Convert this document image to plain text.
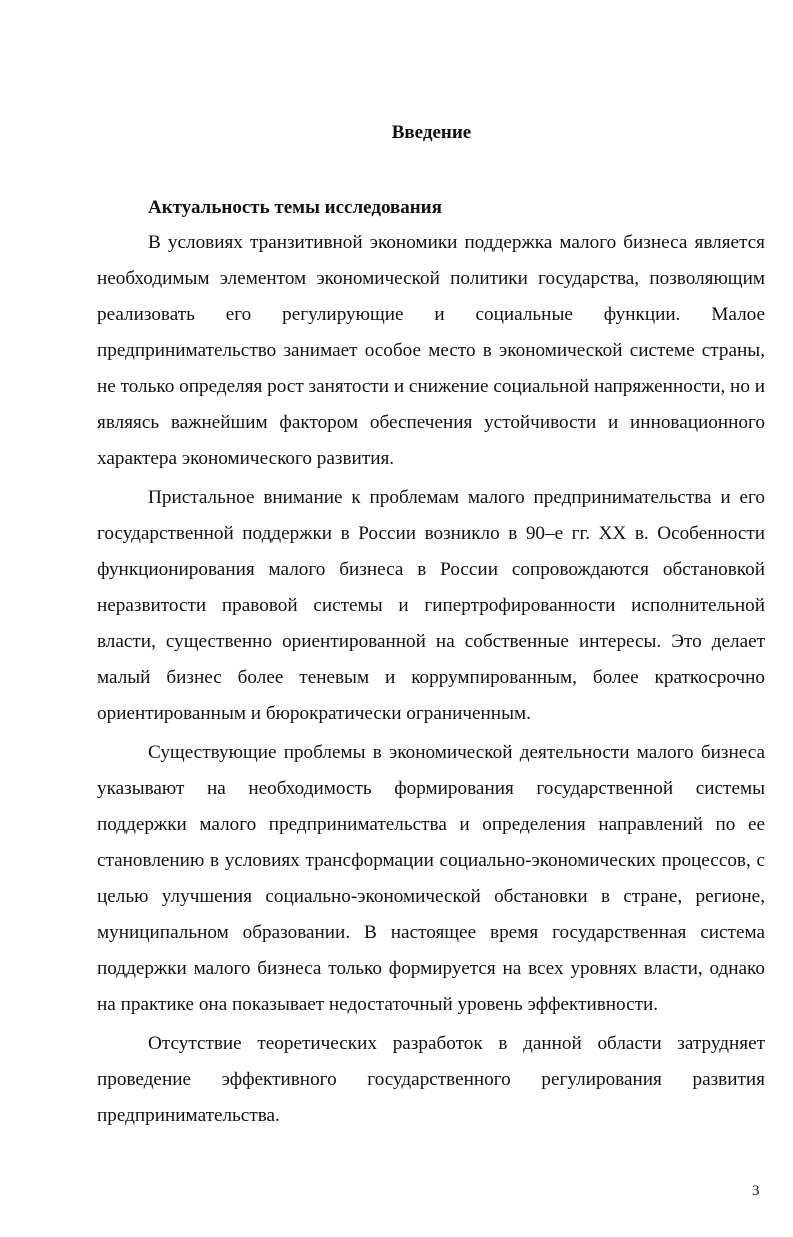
Введение
Актуальность темы исследования

В условиях транзитивной экономики поддержка малого бизнеса является необходимым элементом экономической политики государства, позволяющим реализовать его регулирующие и социальные функции. Малое предпринимательство занимает особое место в экономической системе страны, не только определяя рост занятости и снижение социальной напряженности, но и являясь важнейшим фактором обеспечения устойчивости и инновационного характера экономического развития.

Пристальное внимание к проблемам малого предпринимательства и его государственной поддержки в России возникло в 90–е гг. XX в. Особенности функционирования малого бизнеса в России сопровождаются обстановкой неразвитости правовой системы и гипертрофированности исполнительной власти, существенно ориентированной на собственные интересы. Это делает малый бизнес более теневым и коррумпированным, более краткосрочно ориентированным и бюрократически ограниченным.

Существующие проблемы в экономической деятельности малого бизнеса указывают на необходимость формирования государственной системы поддержки малого предпринимательства и определения направлений по ее становлению в условиях трансформации социально-экономических процессов, с целью улучшения социально-экономической обстановки в стране, регионе, муниципальном образовании. В настоящее время государственная система поддержки малого бизнеса только формируется на всех уровнях власти, однако на практике она показывает недостаточный уровень эффективности.

Отсутствие теоретических разработок в данной области затрудняет проведение эффективного государственного регулирования развития предпринимательства.

3
